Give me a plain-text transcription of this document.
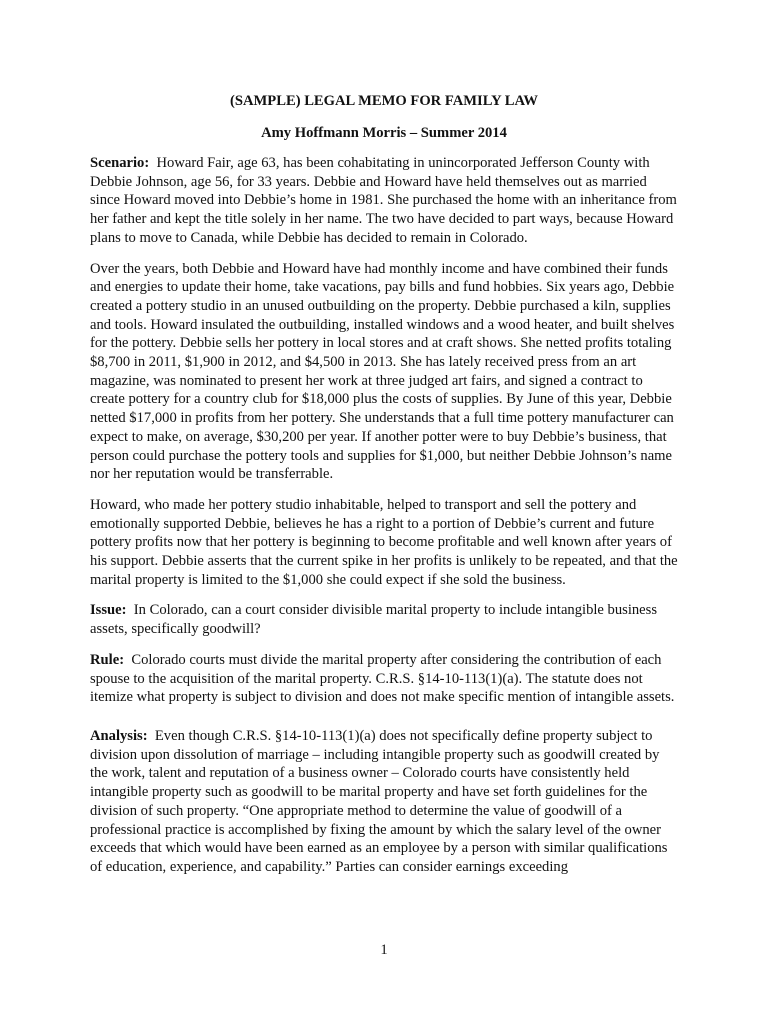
(SAMPLE) LEGAL MEMO FOR FAMILY LAW

Amy Hoffmann Morris – Summer 2014

Scenario: Howard Fair, age 63, has been cohabitating in unincorporated Jefferson County with Debbie Johnson, age 56, for 33 years. Debbie and Howard have held themselves out as married since Howard moved into Debbie’s home in 1981. She purchased the home with an inheritance from her father and kept the title solely in her name. The two have decided to part ways, because Howard plans to move to Canada, while Debbie has decided to remain in Colorado.

Over the years, both Debbie and Howard have had monthly income and have combined their funds and energies to update their home, take vacations, pay bills and fund hobbies. Six years ago, Debbie created a pottery studio in an unused outbuilding on the property. Debbie purchased a kiln, supplies and tools. Howard insulated the outbuilding, installed windows and a wood heater, and built shelves for the pottery. Debbie sells her pottery in local stores and at craft shows. She netted profits totaling $8,700 in 2011, $1,900 in 2012, and $4,500 in 2013. She has lately received press from an art magazine, was nominated to present her work at three judged art fairs, and signed a contract to create pottery for a country club for $18,000 plus the costs of supplies. By June of this year, Debbie netted $17,000 in profits from her pottery. She understands that a full time pottery manufacturer can expect to make, on average, $30,200 per year. If another potter were to buy Debbie’s business, that person could purchase the pottery tools and supplies for $1,000, but neither Debbie Johnson’s name nor her reputation would be transferrable.

Howard, who made her pottery studio inhabitable, helped to transport and sell the pottery and emotionally supported Debbie, believes he has a right to a portion of Debbie’s current and future pottery profits now that her pottery is beginning to become profitable and well known after years of his support. Debbie asserts that the current spike in her profits is unlikely to be repeated, and that the marital property is limited to the $1,000 she could expect if she sold the business.

Issue: In Colorado, can a court consider divisible marital property to include intangible business assets, specifically goodwill?

Rule: Colorado courts must divide the marital property after considering the contribution of each spouse to the acquisition of the marital property. C.R.S. §14-10-113(1)(a). The statute does not itemize what property is subject to division and does not make specific mention of intangible assets.

Analysis: Even though C.R.S. §14-10-113(1)(a) does not specifically define property subject to division upon dissolution of marriage – including intangible property such as goodwill created by the work, talent and reputation of a business owner – Colorado courts have consistently held intangible property such as goodwill to be marital property and have set forth guidelines for the division of such property. “One appropriate method to determine the value of goodwill of a professional practice is accomplished by fixing the amount by which the salary level of the owner exceeds that which would have been earned as an employee by a person with similar qualifications of education, experience, and capability.” Parties can consider earnings exceeding

1
